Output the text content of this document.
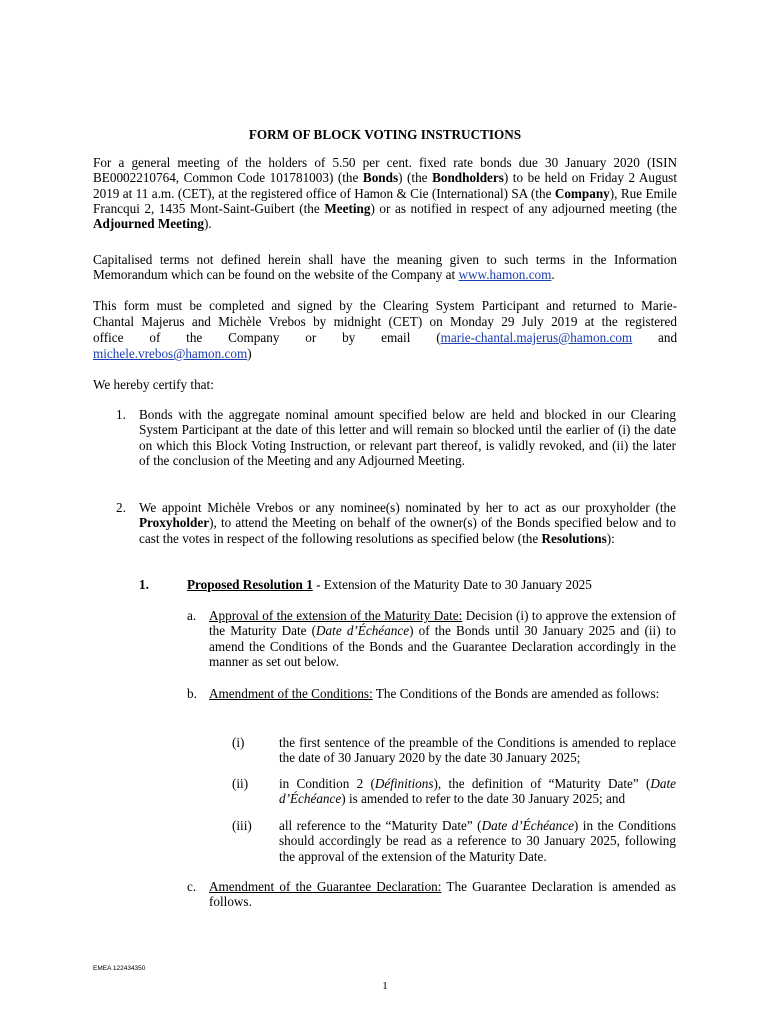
FORM OF BLOCK VOTING INSTRUCTIONS

For a general meeting of the holders of 5.50 per cent. fixed rate bonds due 30 January 2020 (ISIN BE0002210764, Common Code 101781003) (the Bonds) (the Bondholders) to be held on Friday 2 August 2019 at 11 a.m. (CET), at the registered office of Hamon & Cie (International) SA (the Company), Rue Emile Francqui 2, 1435 Mont-Saint-Guibert (the Meeting) or as notified in respect of any adjourned meeting (the Adjourned Meeting).

Capitalised terms not defined herein shall have the meaning given to such terms in the Information Memorandum which can be found on the website of the Company at www.hamon.com.

This form must be completed and signed by the Clearing System Participant and returned to Marie-

Chantal Majerus and Michèle Vrebos by midnight (CET) on Monday 29 July 2019 at the registered

office of the Company or by email (marie-chantal.majerus@hamon.com and

michele.vrebos@hamon.com)

We hereby certify that:

1. Bonds with the aggregate nominal amount specified below are held and blocked in our Clearing System Participant at the date of this letter and will remain so blocked until the earlier of (i) the date on which this Block Voting Instruction, or relevant part thereof, is validly revoked, and (ii) the later of the conclusion of the Meeting and any Adjourned Meeting.

2. We appoint Michèle Vrebos or any nominee(s) nominated by her to act as our proxyholder (the Proxyholder), to attend the Meeting on behalf of the owner(s) of the Bonds specified below and to cast the votes in respect of the following resolutions as specified below (the Resolutions):

1.	Proposed Resolution 1 - Extension of the Maturity Date to 30 January 2025

a. Approval of the extension of the Maturity Date: Decision (i) to approve the extension of the Maturity Date (Date d’Échéance) of the Bonds until 30 January 2025 and (ii) to amend the Conditions of the Bonds and the Guarantee Declaration accordingly in the manner as set out below.

b. Amendment of the Conditions: The Conditions of the Bonds are amended as follows:

(i)	the first sentence of the preamble of the Conditions is amended to replace the date of 30 January 2020 by the date 30 January 2025;

(ii) in Condition 2 (Définitions), the definition of “Maturity Date” (Date d’Échéance) is amended to refer to the date 30 January 2025; and

(iii) all reference to the “Maturity Date” (Date d’Échéance) in the Conditions should accordingly be read as a reference to 30 January 2025, following the approval of the extension of the Maturity Date.

c. Amendment of the Guarantee Declaration: The Guarantee Declaration is amended as follows.

EMEA 122434350
1
